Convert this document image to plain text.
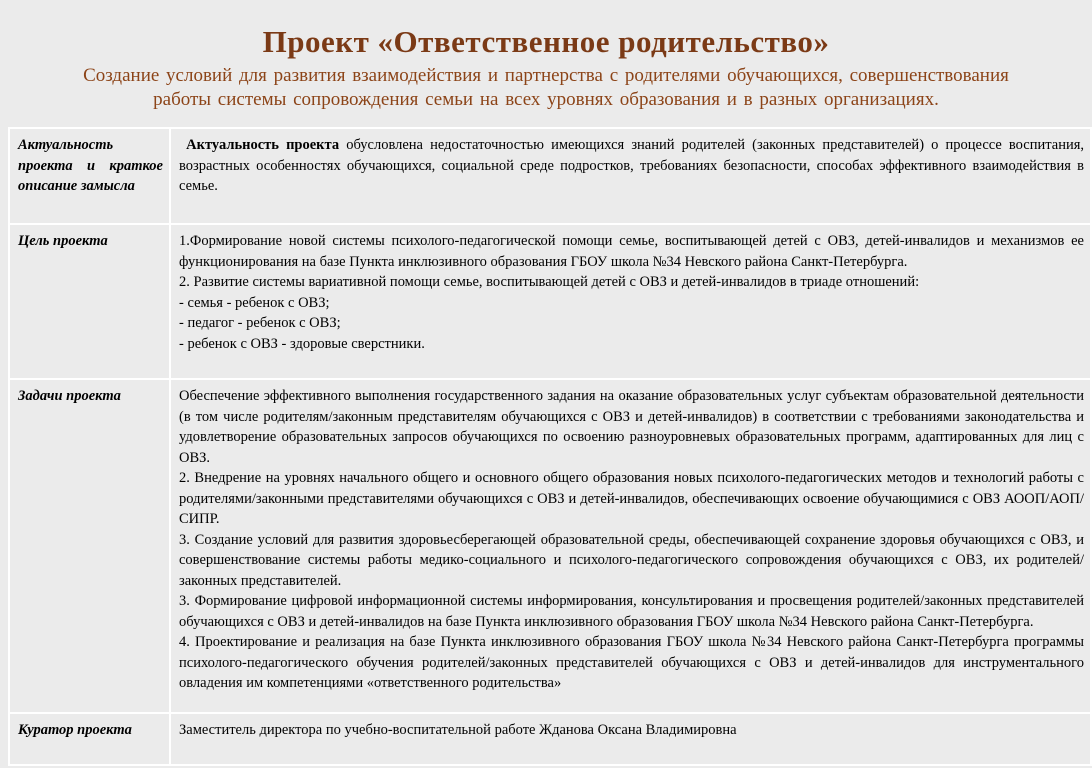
Проект «Ответственное родительство»
Создание условий для развития взаимодействия и партнерства с родителями обучающихся, совершенствования
работы системы сопровождения семьи на всех уровнях образования и в разных организациях.
Актуальность проекта и краткое описание замысла	Актуальность проекта обусловлена недостаточностью имеющихся знаний родителей (законных представителей) о процессе воспитания, возрастных особенностях обучающихся, социальной среде подростков, требованиях безопасности, способах эффективного взаимодействия в семье.
Цель проекта	1.Формирование новой системы психолого-педагогической помощи семье, воспитывающей детей с ОВЗ, детей-инвалидов и механизмов ее функционирования на базе Пункта инклюзивного образования ГБОУ школа №34 Невского района Санкт-Петербурга.
2. Развитие системы вариативной помощи семье, воспитывающей детей с ОВЗ и детей-инвалидов в триаде отношений:
- семья - ребенок с ОВЗ;
- педагог - ребенок с ОВЗ;
- ребенок с ОВЗ - здоровые сверстники.

Задачи проекта	Обеспечение эффективного выполнения государственного задания на оказание образовательных услуг субъектам образовательной деятельности (в том числе родителям/законным представителям обучающихся с ОВЗ и детей-инвалидов) в соответствии с требованиями законодательства и удовлетворение образовательных запросов обучающихся по освоению разноуровневых образовательных программ, адаптированных для лиц с ОВЗ.
2. Внедрение на уровнях начального общего и основного общего образования новых психолого-педагогических методов и технологий работы с родителями/законными представителями обучающихся с ОВЗ и детей-инвалидов, обеспечивающих освоение обучающимися с ОВЗ АООП/АОП/СИПР.
3. Создание условий для развития здоровьесберегающей образовательной среды, обеспечивающей сохранение здоровья обучающихся с ОВЗ, и совершенствование системы работы медико-социального и психолого-педагогического сопровождения обучающихся с ОВЗ, их родителей/законных представителей.
3. Формирование цифровой информационной системы информирования, консультирования и просвещения родителей/законных представителей обучающихся с ОВЗ и детей-инвалидов на базе Пункта инклюзивного образования ГБОУ школа №34 Невского района Санкт-Петербурга.
4. Проектирование и реализация на базе Пункта инклюзивного образования ГБОУ школа №34 Невского района Санкт-Петербурга программы психолого-педагогического обучения родителей/законных представителей обучающихся с ОВЗ и детей-инвалидов для инструментального овладения им компетенциями «ответственного родительства»

Куратор проекта	Заместитель директора по учебно-воспитательной работе Жданова Оксана Владимировна
